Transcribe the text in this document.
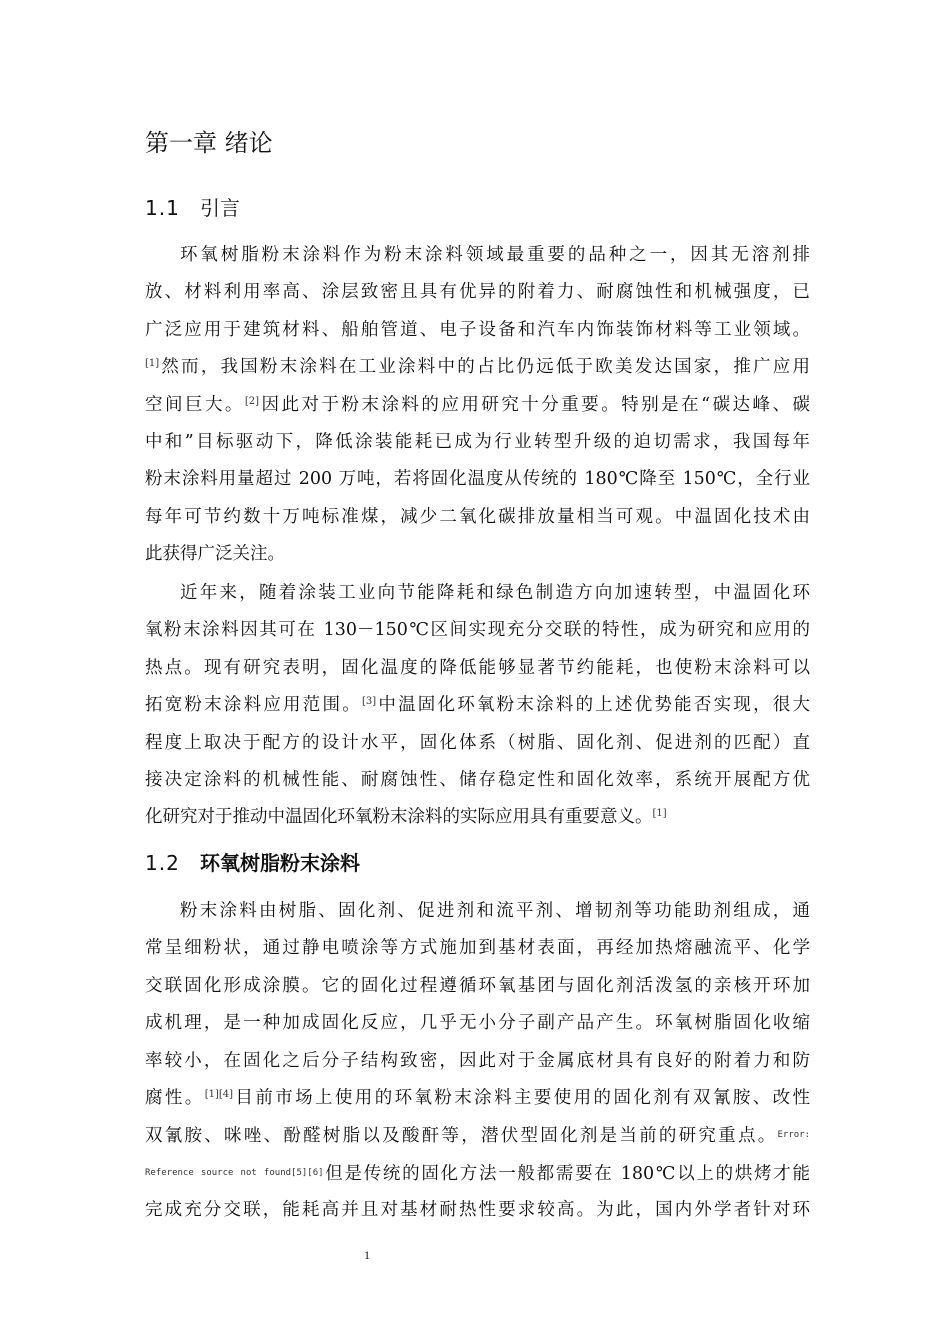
第一章 绪论
1.1 引言
环氧树脂粉末涂料作为粉末涂料领域最重要的品种之一，因其无溶剂排
放、材料利用率高、涂层致密且具有优异的附着力、耐腐蚀性和机械强度，已
广泛应用于建筑材料、船舶管道、电子设备和汽车内饰装饰材料等工业领域。
[1]然而，我国粉末涂料在工业涂料中的占比仍远低于欧美发达国家，推广应用
空间巨大。[2]因此对于粉末涂料的应用研究十分重要。特别是在“碳达峰、碳
中和”目标驱动下，降低涂装能耗已成为行业转型升级的迫切需求，我国每年
粉末涂料用量超过 200 万吨，若将固化温度从传统的 180℃降至 150℃，全行业
每年可节约数十万吨标准煤，减少二氧化碳排放量相当可观。中温固化技术由
此获得广泛关注。
近年来，随着涂装工业向节能降耗和绿色制造方向加速转型，中温固化环
氧粉末涂料因其可在 130－150℃区间实现充分交联的特性，成为研究和应用的
热点。现有研究表明，固化温度的降低能够显著节约能耗，也使粉末涂料可以
拓宽粉末涂料应用范围。[3]中温固化环氧粉末涂料的上述优势能否实现，很大
程度上取决于配方的设计水平，固化体系（树脂、固化剂、促进剂的匹配）直
接决定涂料的机械性能、耐腐蚀性、储存稳定性和固化效率，系统开展配方优
化研究对于推动中温固化环氧粉末涂料的实际应用具有重要意义。[1]
1.2 环氧树脂粉末涂料
粉末涂料由树脂、固化剂、促进剂和流平剂、增韧剂等功能助剂组成，通
常呈细粉状，通过静电喷涂等方式施加到基材表面，再经加热熔融流平、化学
交联固化形成涂膜。它的固化过程遵循环氧基团与固化剂活泼氢的亲核开环加
成机理，是一种加成固化反应，几乎无小分子副产品产生。环氧树脂固化收缩
率较小，在固化之后分子结构致密，因此对于金属底材具有良好的附着力和防
腐性。[1][4]目前市场上使用的环氧粉末涂料主要使用的固化剂有双氰胺、改性
双氰胺、咪唑、酚醛树脂以及酸酐等，潜伏型固化剂是当前的研究重点。$^{Error:}$
$^{Reference source not found[5][6]}$但是传统的固化方法一般都需要在 180℃以上的烘烤才能
完成充分交联，能耗高并且对基材耐热性要求较高。为此，国内外学者针对环
1
